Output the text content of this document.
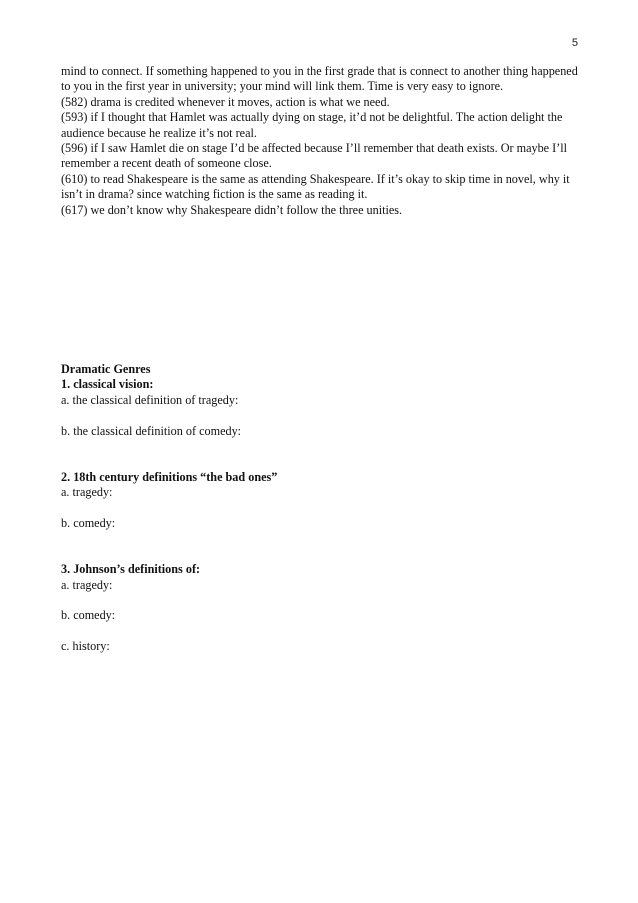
5

mind to connect. If something happened to you in the first grade that is connect to another thing happened to you in the first year in university; your mind will link them. Time is very easy to ignore.

(582) drama is credited whenever it moves, action is what we need.

(593) if I thought that Hamlet was actually dying on stage, it’d not be delightful. The action delight the audience because he realize it’s not real.

(596) if I saw Hamlet die on stage I’d be affected because I’ll remember that death exists. Or maybe I’ll remember a recent death of someone close.

(610) to read Shakespeare is the same as attending Shakespeare. If it’s okay to skip time in novel, why it isn’t in drama? since watching fiction is the same as reading it.

(617) we don’t know why Shakespeare didn’t follow the three unities.

Dramatic Genres

1. classical vision:

a. the classical definition of tragedy:

b. the classical definition of comedy:

2. 18th century definitions “the bad ones”

a. tragedy:

b. comedy:

3. Johnson’s definitions of:

a. tragedy:

b. comedy:

c. history:
